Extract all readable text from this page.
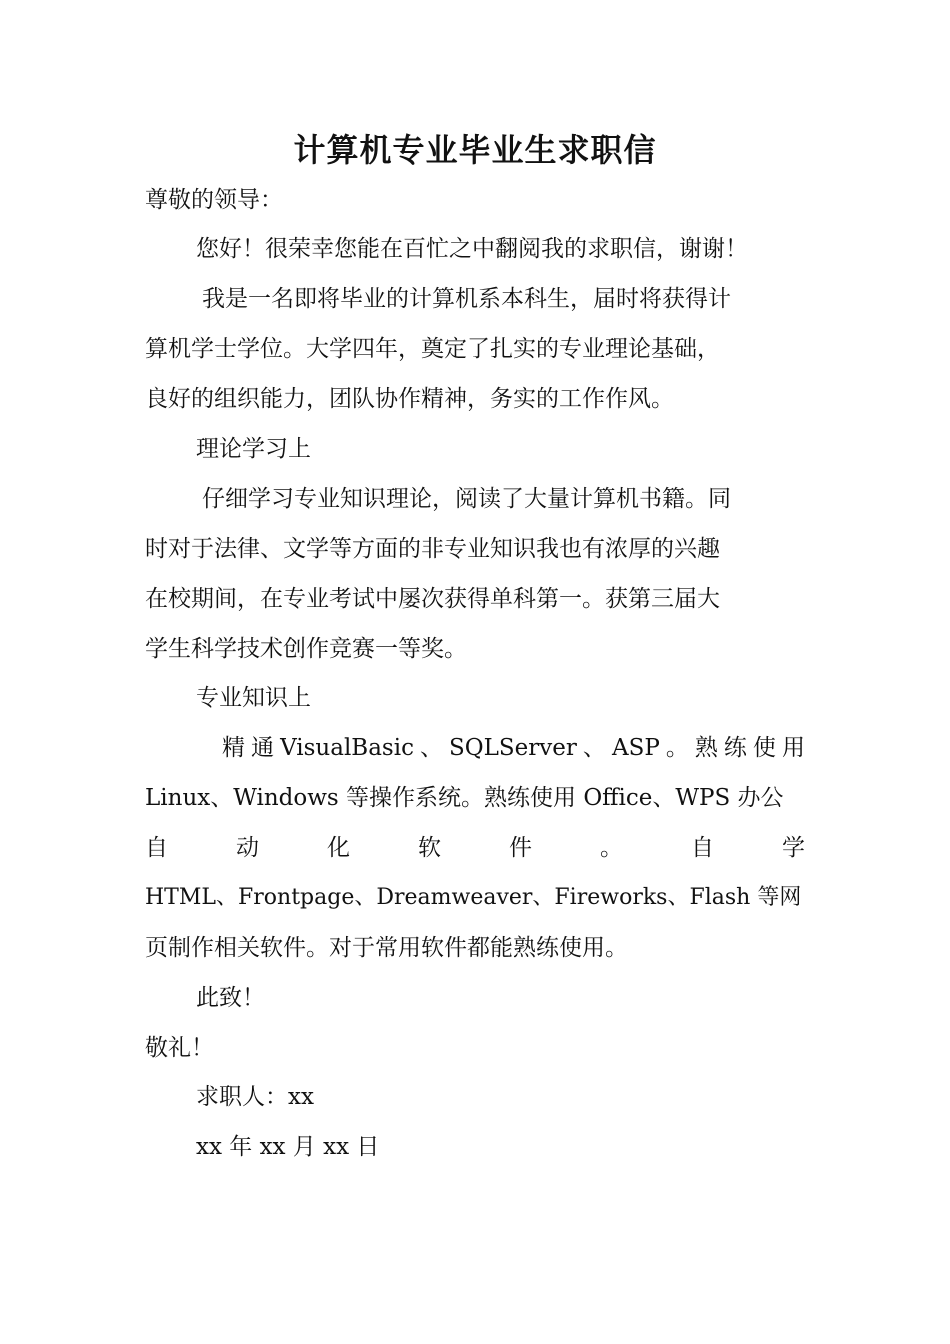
计算机专业毕业生求职信
尊敬的领导：
您好！很荣幸您能在百忙之中翻阅我的求职信，谢谢！
我是一名即将毕业的计算机系本科生，届时将获得计
算机学士学位。大学四年，奠定了扎实的专业理论基础，
良好的组织能力，团队协作精神，务实的工作作风。
理论学习上
仔细学习专业知识理论，阅读了大量计算机书籍。同
时对于法律、文学等方面的非专业知识我也有浓厚的兴趣
在校期间，在专业考试中屡次获得单科第一。获第三届大
学生科学技术创作竞赛一等奖。
专业知识上
精 通 VisualBasic 、 SQLServer 、 ASP 。 熟 练 使 用
Linux、Windows 等操作系统。熟练使用 Office、WPS 办公
自	动	化	软	件	。	自	学
HTML、Frontpage、Dreamweaver、Fireworks、Flash 等网
页制作相关软件。对于常用软件都能熟练使用。
此致！
敬礼！
求职人：xx
xx 年 xx 月 xx 日
